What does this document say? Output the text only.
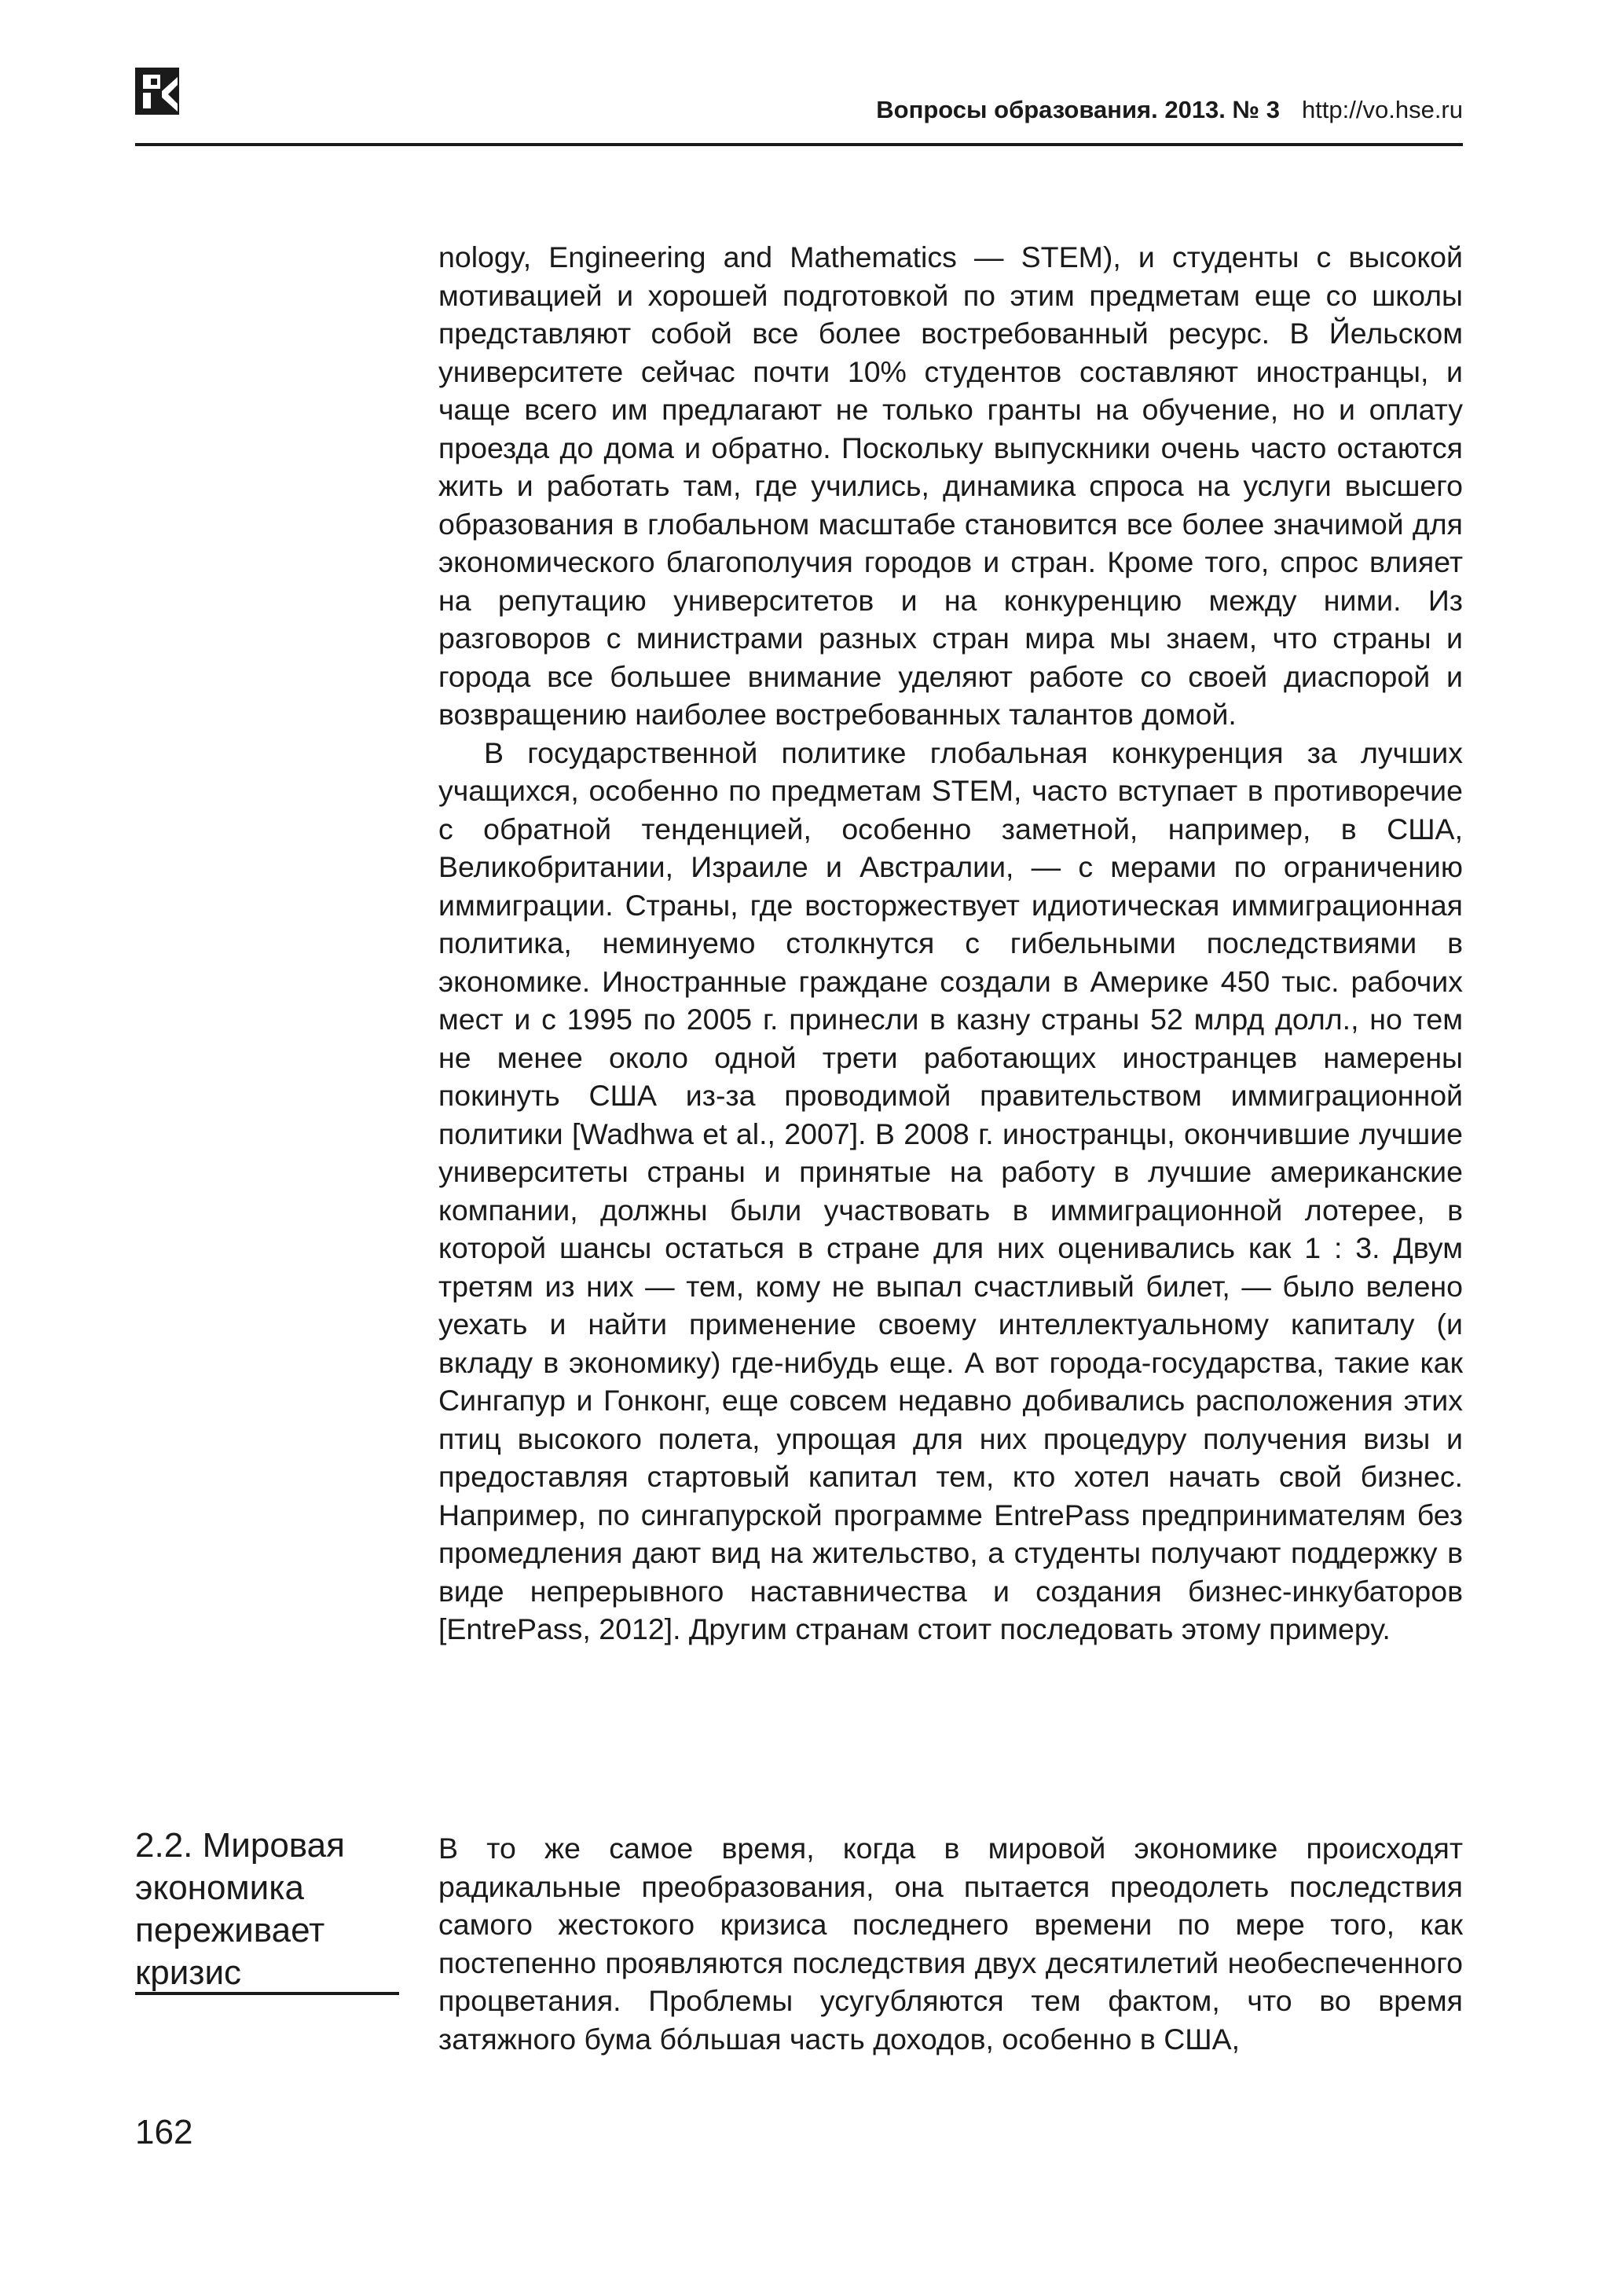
Вопросы образования. 2013. № 3 http://vo.hse.ru

nology, Engineering and Mathematics — STEM), и студенты с высокой мотивацией и хорошей подготовкой по этим предметам еще со школы представляют собой все более востребованный ресурс. В Йельском университете сейчас почти 10% студентов составляют иностранцы, и чаще всего им предлагают не только гранты на обучение, но и оплату проезда до дома и обратно. Поскольку выпускники очень часто остаются жить и работать там, где учились, динамика спроса на услуги высшего образования в глобальном масштабе становится все более значимой для экономического благополучия городов и стран. Кроме того, спрос влияет на репутацию университетов и на конкуренцию между ними. Из разговоров с министрами разных стран мира мы знаем, что страны и города все большее внимание уделяют работе со своей диаспорой и возвращению наиболее востребованных талантов домой.

В государственной политике глобальная конкуренция за лучших учащихся, особенно по предметам STEM, часто вступает в противоречие с обратной тенденцией, особенно заметной, например, в США, Великобритании, Израиле и Австралии, — с мерами по ограничению иммиграции. Страны, где восторжествует идиотическая иммиграционная политика, неминуемо столкнутся с гибельными последствиями в экономике. Иностранные граждане создали в Америке 450 тыс. рабочих мест и с 1995 по 2005 г. принесли в казну страны 52 млрд долл., но тем не менее около одной трети работающих иностранцев намерены покинуть США из-за проводимой правительством иммиграционной политики [Wadhwa et al., 2007]. В 2008 г. иностранцы, окончившие лучшие университеты страны и принятые на работу в лучшие американские компании, должны были участвовать в иммиграционной лотерее, в которой шансы остаться в стране для них оценивались как 1 : 3. Двум третям из них — тем, кому не выпал счастливый билет, — было велено уехать и найти применение своему интеллектуальному капиталу (и вкладу в экономику) где-нибудь еще. А вот города-государства, такие как Сингапур и Гонконг, еще совсем недавно добивались расположения этих птиц высокого полета, упрощая для них процедуру получения визы и предоставляя стартовый капитал тем, кто хотел начать свой бизнес. Например, по сингапурской программе EntrePass предпринимателям без промедления дают вид на жительство, а студенты получают поддержку в виде непрерывного наставничества и создания бизнес-инкубаторов [EntrePass, 2012]. Другим странам стоит последовать этому примеру.

2.2. Мировая экономика переживает кризис

В то же самое время, когда в мировой экономике происходят радикальные преобразования, она пытается преодолеть последствия самого жестокого кризиса последнего времени по мере того, как постепенно проявляются последствия двух десятилетий необеспеченного процветания. Проблемы усугубляются тем фактом, что во время затяжного бума бóльшая часть доходов, особенно в США,

162
